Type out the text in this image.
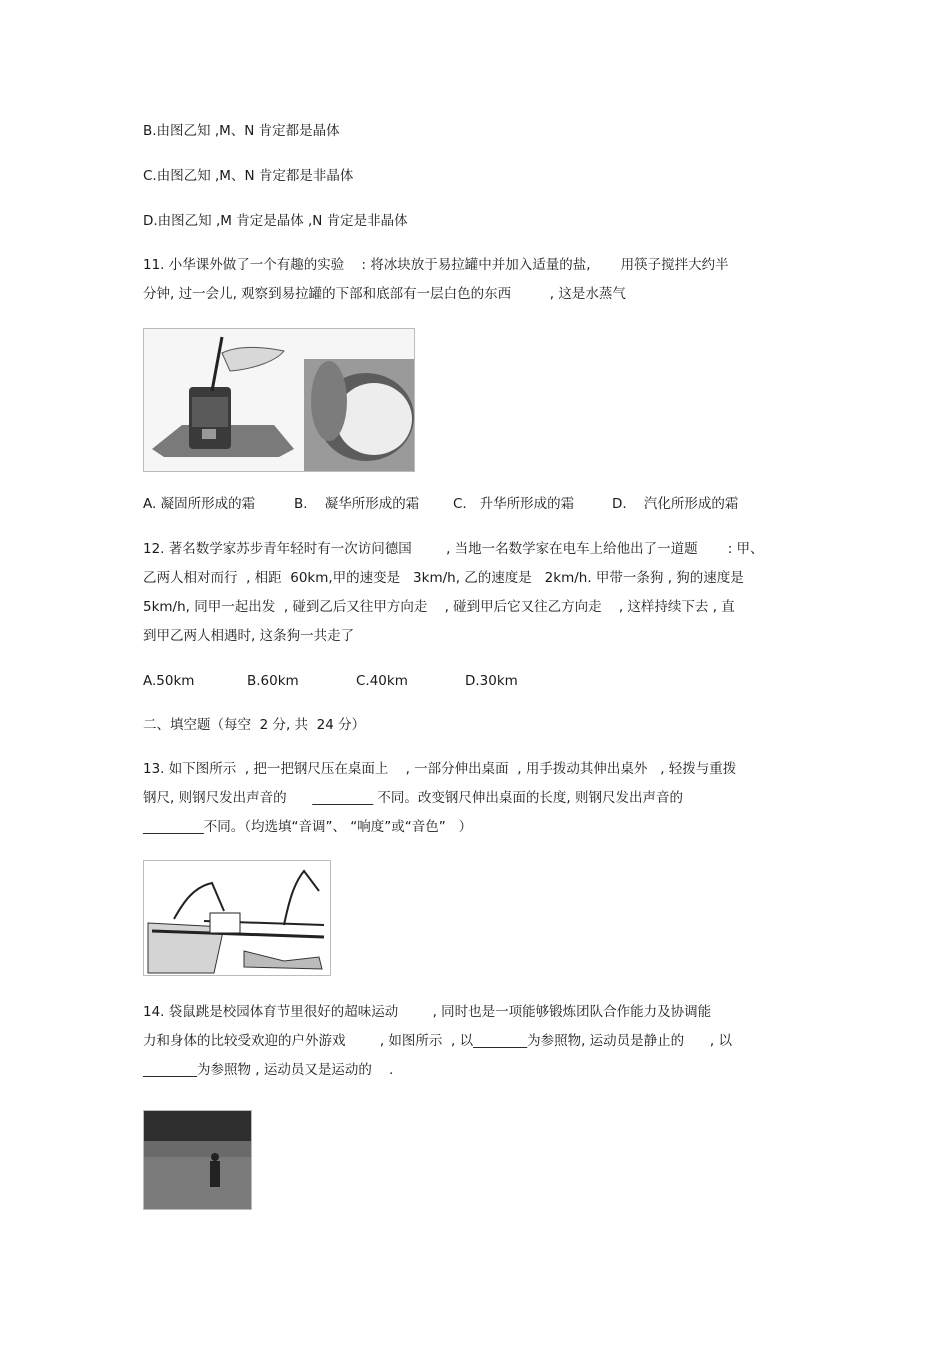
B.由图乙知 ,M、N 肯定都是晶体
C.由图乙知 ,M、N 肯定都是非晶体
D.由图乙知 ,M 肯定是晶体 ,N 肯定是非晶体
11. 小华课外做了一个有趣的实验    : 将冰块放于易拉罐中并加入适量的盐,       用筷子搅拌大约半
分钟, 过一会儿, 观察到易拉罐的下部和底部有一层白色的东西         , 这是水蒸气
A. 凝固所形成的霜	B.    凝华所形成的霜	C.   升华所形成的霜	D.    汽化所形成的霜
12. 著名数学家苏步青年轻时有一次访问德国        , 当地一名数学家在电车上给他出了一道题       : 甲、
乙两人相对而行  , 相距  60km,甲的速变是   3km/h, 乙的速度是   2km/h. 甲带一条狗 , 狗的速度是
5km/h, 同甲一起出发  , 碰到乙后又往甲方向走    , 碰到甲后它又往乙方向走    , 这样持续下去 , 直
到甲乙两人相遇时, 这条狗一共走了
A.50km	B.60km	C.40km	D.30km
二、填空题（每空  2 分, 共  24 分）
13. 如下图所示  , 把一把钢尺压在桌面上    , 一部分伸出桌面  , 用手拨动其伸出桌外   , 轻拨与重拨
钢尺, 则钢尺发出声音的      _________ 不同。改变钢尺伸出桌面的长度, 则钢尺发出声音的
_________不同。（均选填“音调”、 “响度”或“音色”   ）
14. 袋鼠跳是校园体育节里很好的超味运动        , 同时也是一项能够锻炼团队合作能力及协调能
力和身体的比较受欢迎的户外游戏        , 如图所示  , 以________为参照物, 运动员是静止的      , 以
________为参照物 , 运动员又是运动的    .
